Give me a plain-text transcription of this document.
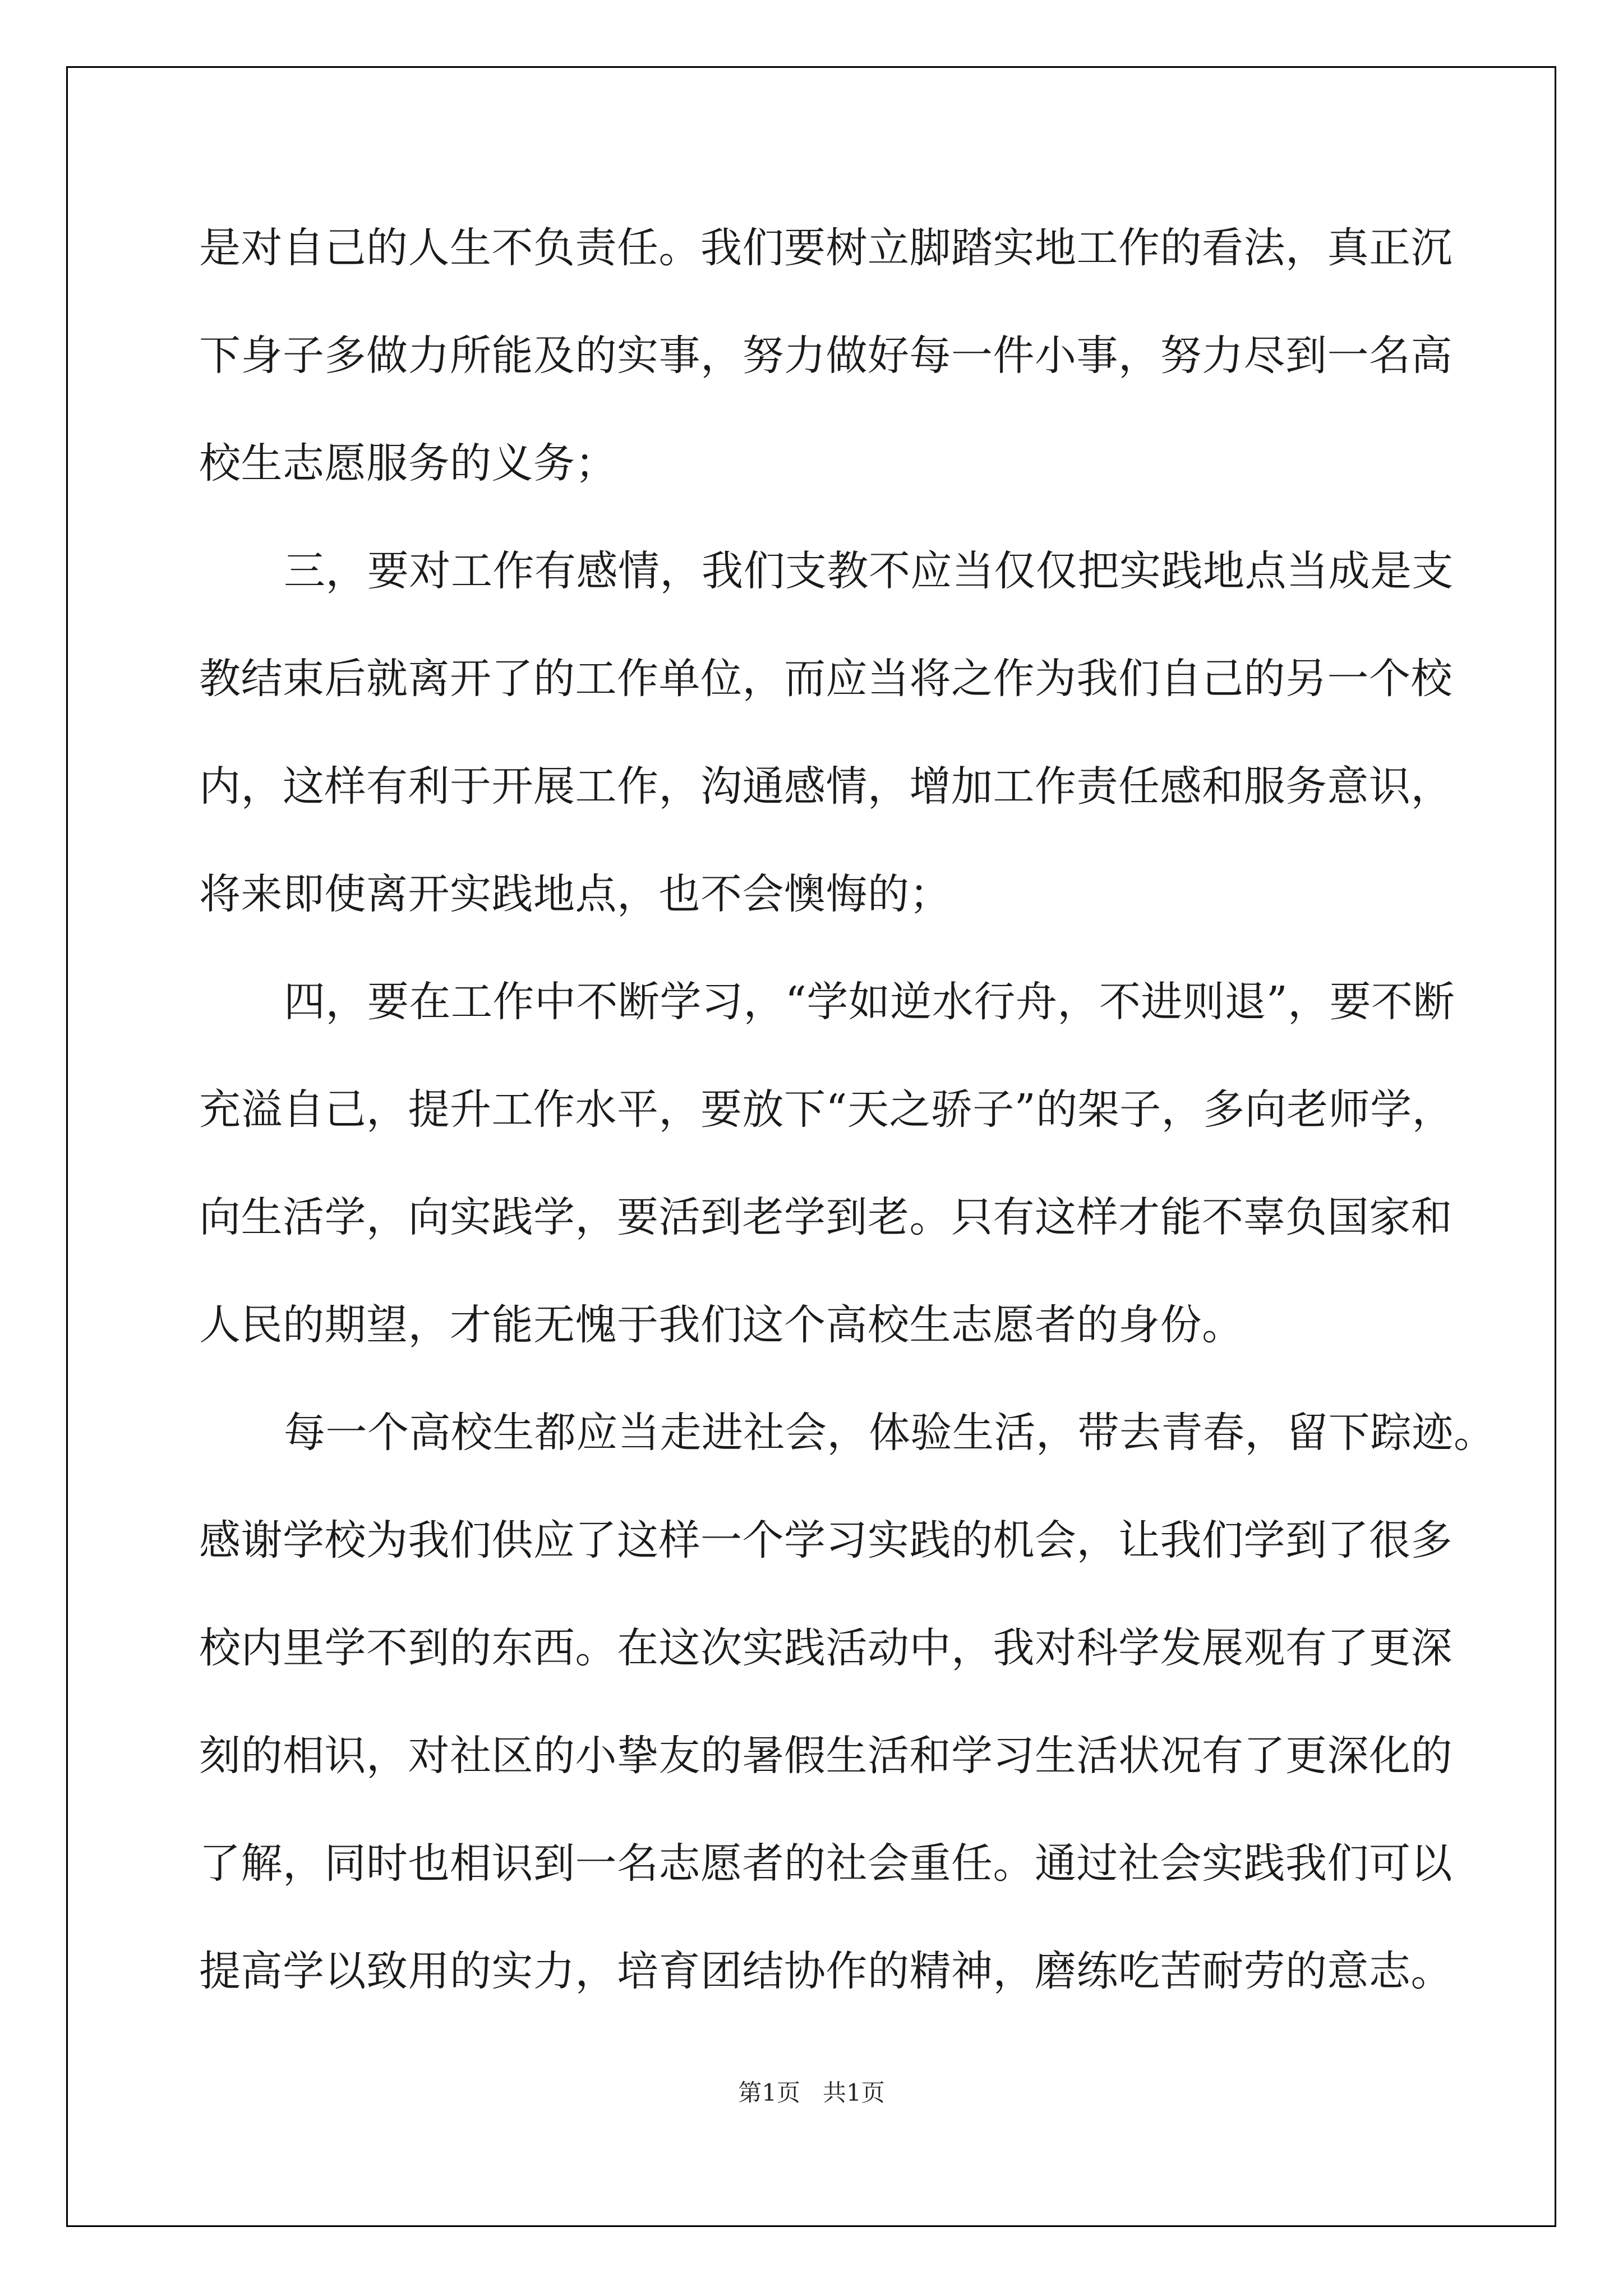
是对自己的人生不负责任。我们要树立脚踏实地工作的看法，真正沉
下身子多做力所能及的实事，努力做好每一件小事，努力尽到一名高
校生志愿服务的义务；
三，要对工作有感情，我们支教不应当仅仅把实践地点当成是支
教结束后就离开了的工作单位，而应当将之作为我们自己的另一个校
内，这样有利于开展工作，沟通感情，增加工作责任感和服务意识，
将来即使离开实践地点，也不会懊悔的；
四，要在工作中不断学习，“学如逆水行舟，不进则退”，要不断
充溢自己，提升工作水平，要放下“天之骄子”的架子，多向老师学，
向生活学，向实践学，要活到老学到老。只有这样才能不辜负国家和
人民的期望，才能无愧于我们这个高校生志愿者的身份。
每一个高校生都应当走进社会，体验生活，带去青春，留下踪迹。
感谢学校为我们供应了这样一个学习实践的机会，让我们学到了很多
校内里学不到的东西。在这次实践活动中，我对科学发展观有了更深
刻的相识，对社区的小挚友的暑假生活和学习生活状况有了更深化的
了解，同时也相识到一名志愿者的社会重任。通过社会实践我们可以
提高学以致用的实力，培育团结协作的精神，磨练吃苦耐劳的意志。
第1页   共1页
